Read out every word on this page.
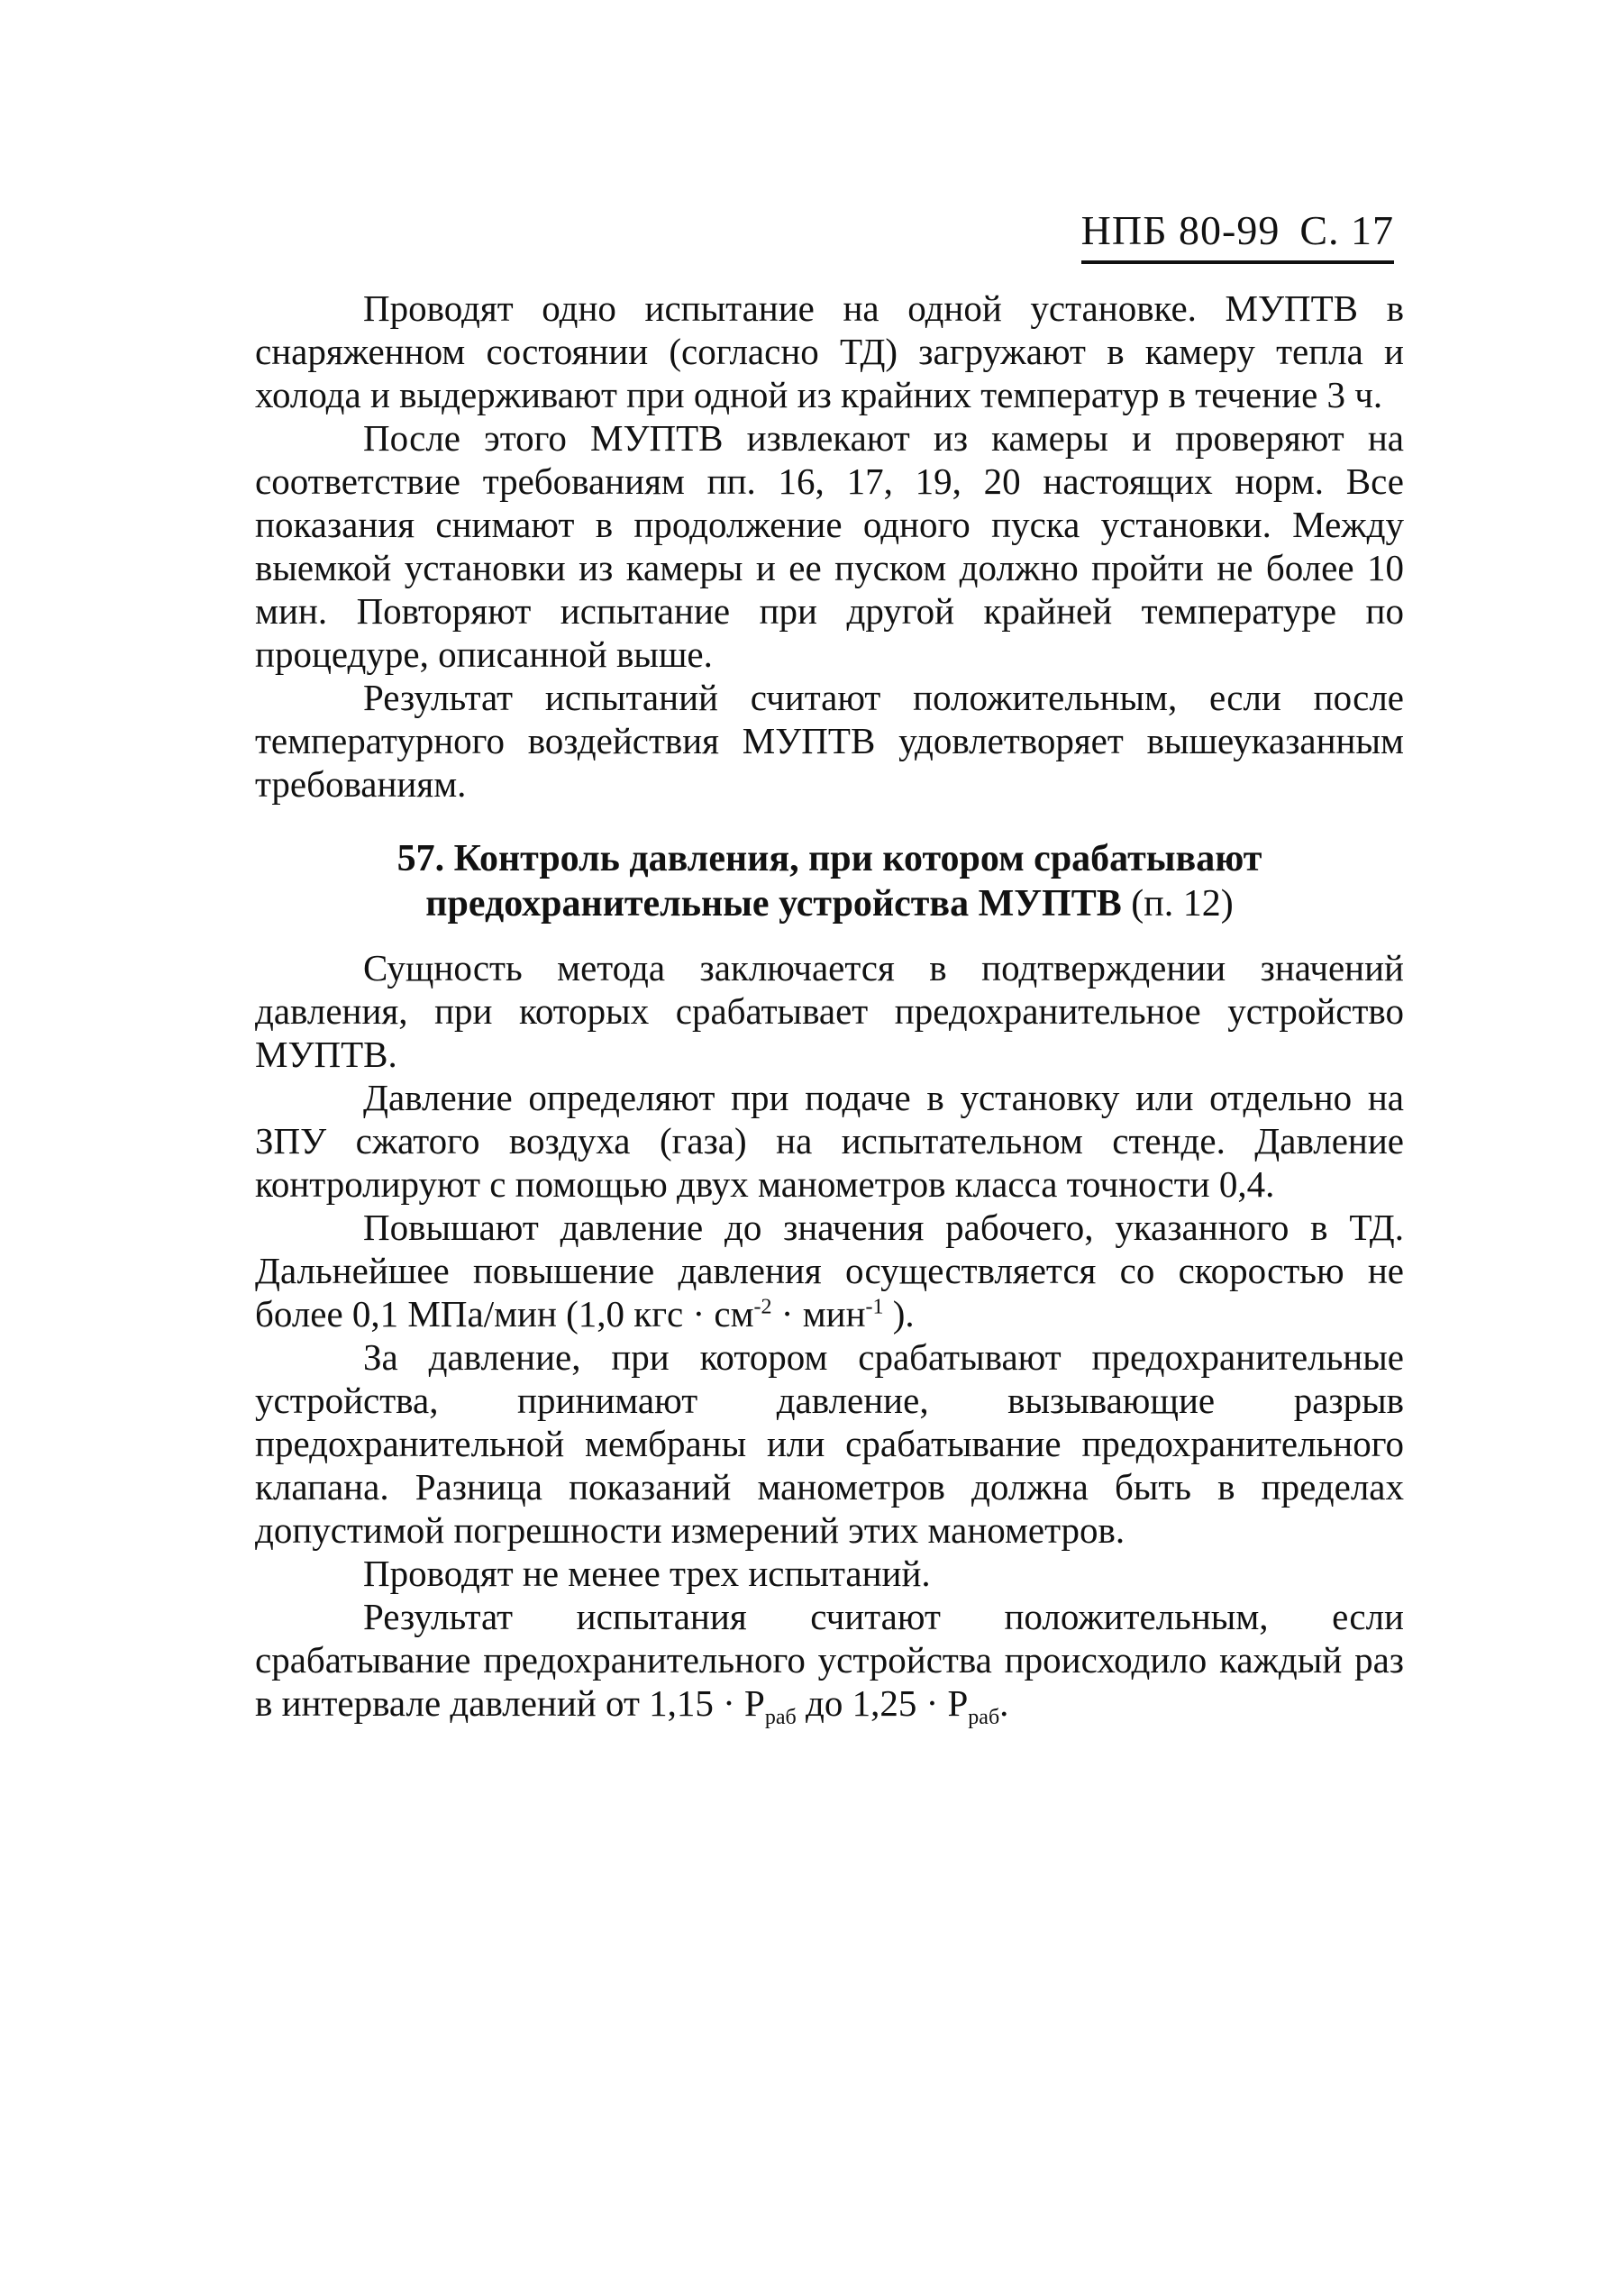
НПБ 80-99 С. 17

Проводят одно испытание на одной установке. МУПТВ в снаряженном состоянии (согласно ТД) загружают в камеру тепла и холода и выдерживают при одной из крайних температур в течение 3 ч.

После этого МУПТВ извлекают из камеры и проверяют на соответствие требованиям пп. 16, 17, 19, 20 настоящих норм. Все показания снимают в продолжение одного пуска установки. Между выемкой установки из камеры и ее пуском должно пройти не более 10 мин. Повторяют испытание при другой крайней температуре по процедуре, описанной выше.

Результат испытаний считают положительным, если после температурного воздействия МУПТВ удовлетворяет вышеуказанным требованиям.

57. Контроль давления, при котором срабатывают
предохранительные устройства МУПТВ (п. 12)

Сущность метода заключается в подтверждении значений давления, при которых срабатывает предохранительное устройство МУПТВ.

Давление определяют при подаче в установку или отдельно на ЗПУ сжатого воздуха (газа) на испытательном стенде. Давление контролируют с помощью двух манометров класса точности 0,4.

Повышают давление до значения рабочего, указанного в ТД. Дальнейшее повышение давления осуществляется со скоростью не более 0,1 МПа/мин (1,0 кгс · $см^{-2} \cdot мин^{-1}$ ).

За давление, при котором срабатывают предохранительные устройства, принимают давление, вызывающие разрыв предохранительной мембраны или срабатывание предохранительного клапана. Разница показаний манометров должна быть в пределах допустимой погрешности измерений этих манометров.

Проводят не менее трех испытаний.

Результат испытания считают положительным, если срабатывание предохранительного устройства происходило каждый раз в интервале давлений от $1,15 \cdot Р_{раб}$ до $1,25 \cdot Р_{раб}$.
